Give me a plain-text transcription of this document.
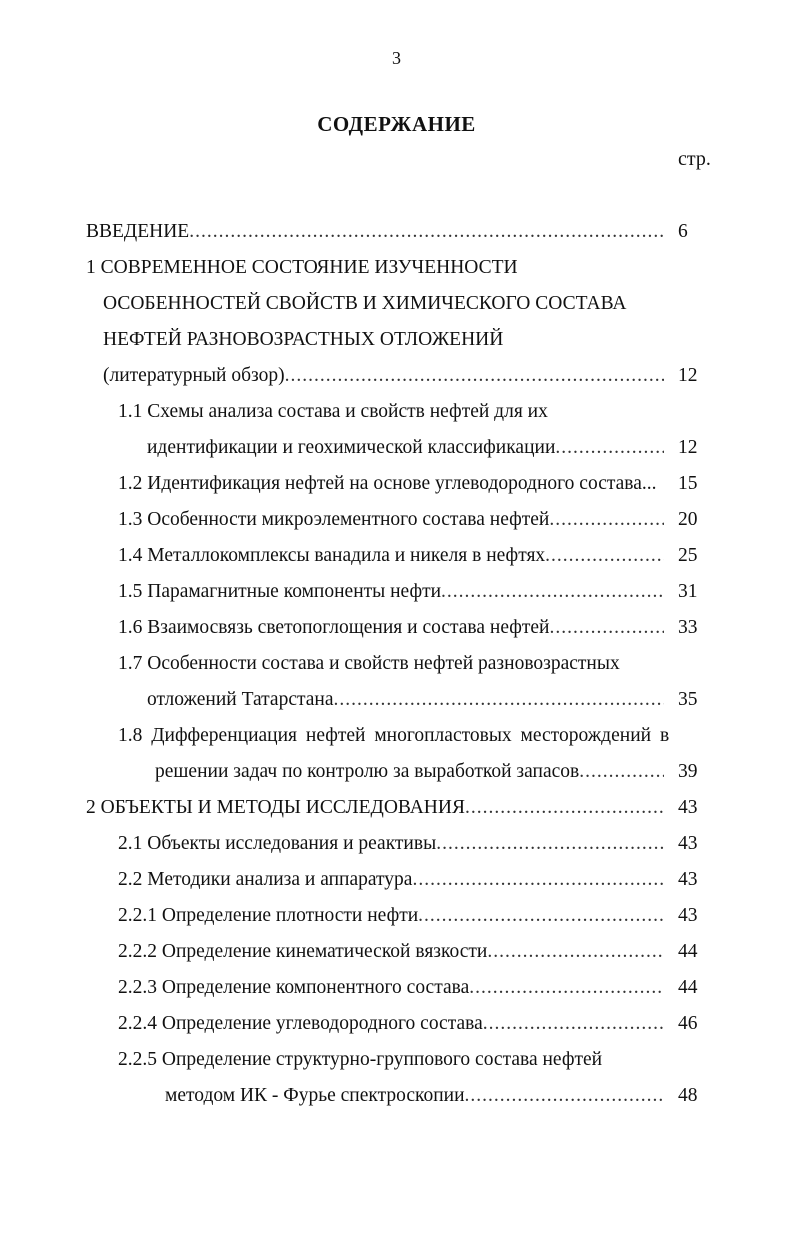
3
СОДЕРЖАНИЕ
стр.
ВВЕДЕНИЕ .....	6
1 СОВРЕМЕННОЕ СОСТОЯНИЕ ИЗУЧЕННОСТИ
ОСОБЕННОСТЕЙ СВОЙСТВ И ХИМИЧЕСКОГО СОСТАВА
НЕФТЕЙ РАЗНОВОЗРАСТНЫХ ОТЛОЖЕНИЙ
(литературный обзор) .....	12
1.1 Схемы анализа состава и свойств нефтей для их
идентификации и геохимической классификации .....	12
1.2 Идентификация нефтей на основе углеводородного состава... 15
1.3 Особенности микроэлементного состава нефтей .....	20
1.4 Металлокомплексы ванадила и никеля в нефтях .....	25
1.5 Парамагнитные компоненты нефти .....	31
1.6 Взаимосвязь светопоглощения и состава нефтей .....	33
1.7 Особенности состава и свойств нефтей разновозрастных
отложений Татарстана .....	35
1.8 Дифференциация нефтей многопластовых месторождений в
решении задач по контролю за выработкой запасов .....	39
2 ОБЪЕКТЫ И МЕТОДЫ ИССЛЕДОВАНИЯ .....	43
2.1 Объекты исследования и реактивы .....	43
2.2 Методики анализа и аппаратура .....	43
2.2.1 Определение плотности нефти .....	43
2.2.2 Определение кинематической вязкости .....	44
2.2.3 Определение компонентного состава .....	44
2.2.4 Определение углеводородного состава .....	46
2.2.5 Определение структурно-группового состава нефтей
методом ИК - Фурье спектроскопии .....	48
